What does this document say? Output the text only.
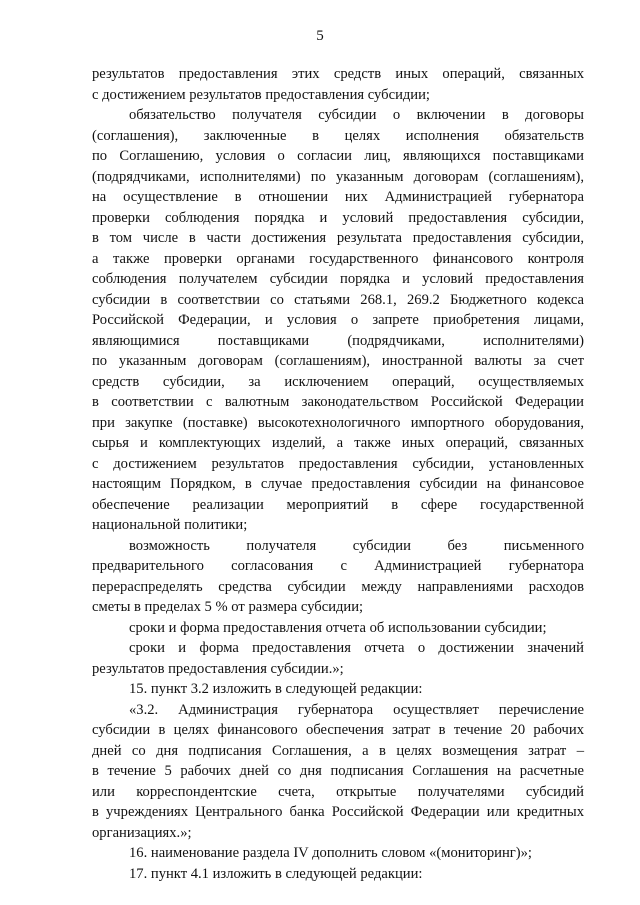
5
результатов предоставления этих средств иных операций, связанных
с достижением результатов предоставления субсидии;
обязательство получателя субсидии о включении в договоры
(соглашения), заключенные в целях исполнения обязательств
по Соглашению, условия о согласии лиц, являющихся поставщиками
(подрядчиками, исполнителями) по указанным договорам (соглашениям),
на осуществление в отношении них Администрацией губернатора
проверки соблюдения порядка и условий предоставления субсидии,
в том числе в части достижения результата предоставления субсидии,
а также проверки органами государственного финансового контроля
соблюдения получателем субсидии порядка и условий предоставления
субсидии в соответствии со статьями 268.1, 269.2 Бюджетного кодекса
Российской Федерации, и условия о запрете приобретения лицами,
являющимися поставщиками (подрядчиками, исполнителями)
по указанным договорам (соглашениям), иностранной валюты за счет
средств субсидии, за исключением операций, осуществляемых
в соответствии с валютным законодательством Российской Федерации
при закупке (поставке) высокотехнологичного импортного оборудования,
сырья и комплектующих изделий, а также иных операций, связанных
с достижением результатов предоставления субсидии, установленных
настоящим Порядком, в случае предоставления субсидии на финансовое
обеспечение реализации мероприятий в сфере государственной
национальной политики;
возможность получателя субсидии без письменного
предварительного согласования с Администрацией губернатора
перераспределять средства субсидии между направлениями расходов
сметы в пределах 5 % от размера субсидии;
сроки и форма предоставления отчета об использовании субсидии;
сроки и форма предоставления отчета о достижении значений
результатов предоставления субсидии.»;
15. пункт 3.2 изложить в следующей редакции:
«3.2. Администрация губернатора осуществляет перечисление
субсидии в целях финансового обеспечения затрат в течение 20 рабочих
дней со дня подписания Соглашения, а в целях возмещения затрат –
в течение 5 рабочих дней со дня подписания Соглашения на расчетные
или корреспондентские счета, открытые получателями субсидий
в учреждениях Центрального банка Российской Федерации или кредитных
организациях.»;
16. наименование раздела IV дополнить словом «(мониторинг)»;
17. пункт 4.1 изложить в следующей редакции:
